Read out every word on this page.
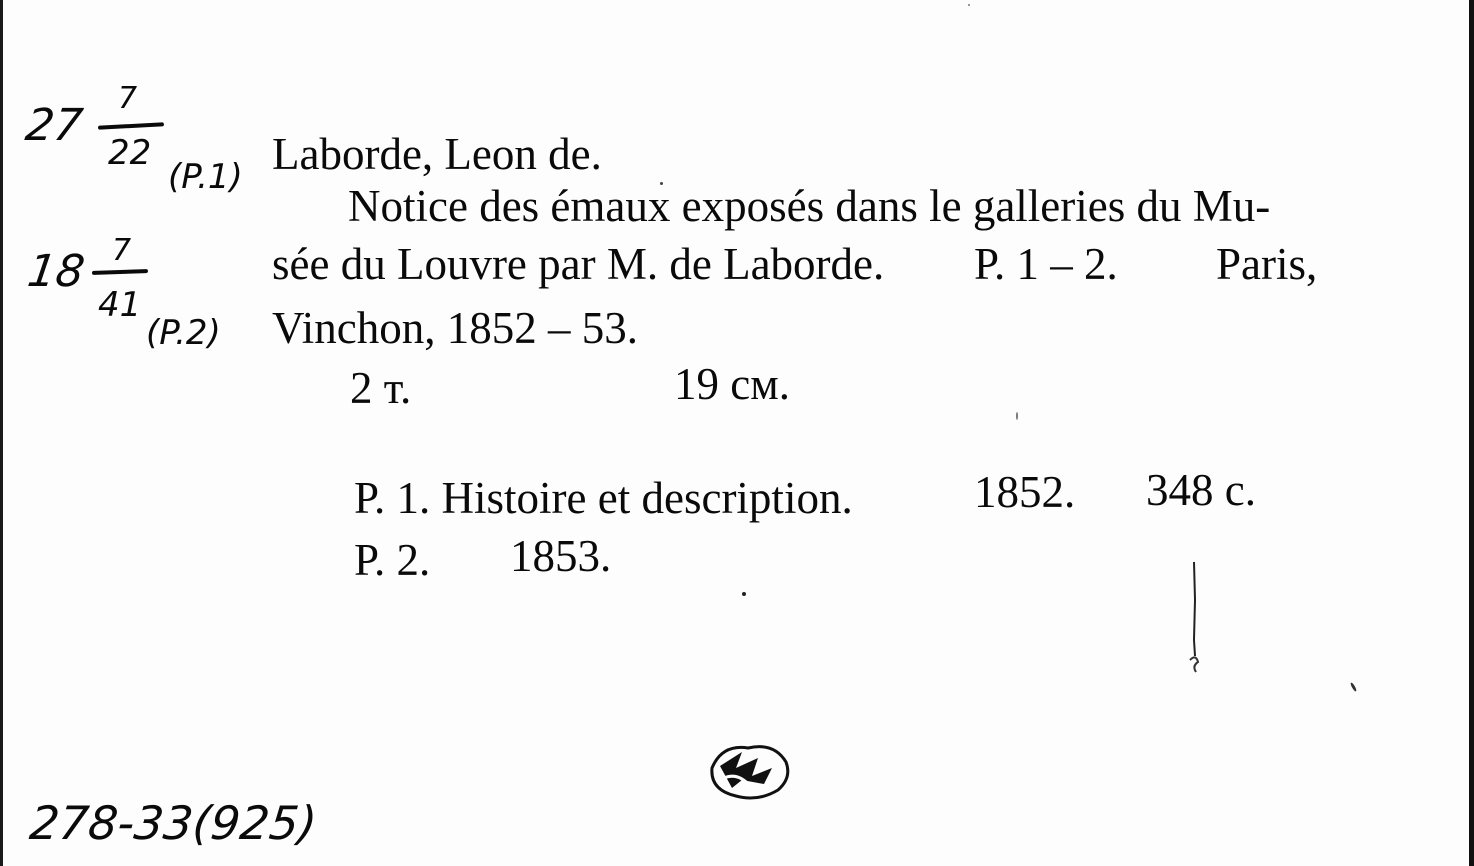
27
7
22
(P.1)
18 7
41
(P.2)

Laborde, Leon de.

Notice des émaux exposés dans le galleries du Mu-

sée du Louvre par M. de Laborde. P. 1 – 2. Paris,

Vinchon, 1852 – 53.

2 т.	19 см.

P. 1. Histoire et description.	1852. 348 c.

P. 2. 1853.

278-33(925)
